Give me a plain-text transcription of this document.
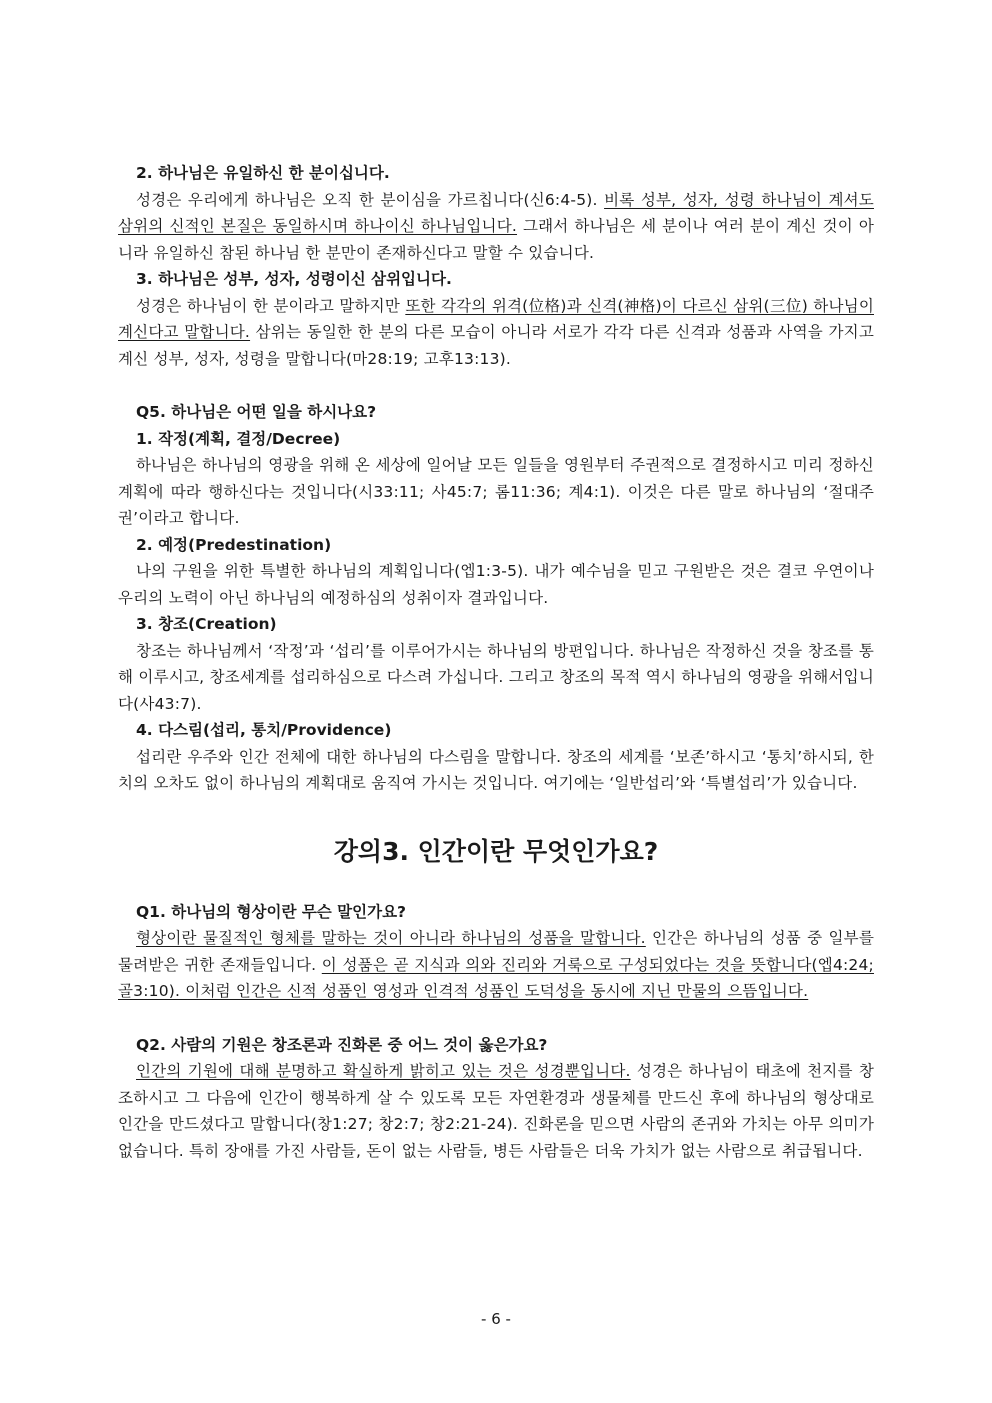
2. 하나님은 유일하신 한 분이십니다.

성경은 우리에게 하나님은 오직 한 분이심을 가르칩니다(신6:4-5). 비록 성부, 성자, 성령 하나님이 계셔도 삼위의 신적인 본질은 동일하시며 하나이신 하나님입니다. 그래서 하나님은 세 분이나 여러 분이 계신 것이 아니라 유일하신 참된 하나님 한 분만이 존재하신다고 말할 수 있습니다.

3. 하나님은 성부, 성자, 성령이신 삼위입니다.

성경은 하나님이 한 분이라고 말하지만 또한 각각의 위격(位格)과 신격(神格)이 다르신 삼위(三位) 하나님이 계신다고 말합니다. 삼위는 동일한 한 분의 다른 모습이 아니라 서로가 각각 다른 신격과 성품과 사역을 가지고 계신 성부, 성자, 성령을 말합니다(마28:19; 고후13:13).

Q5. 하나님은 어떤 일을 하시나요?

1. 작정(계획, 결정/Decree)

하나님은 하나님의 영광을 위해 온 세상에 일어날 모든 일들을 영원부터 주권적으로 결정하시고 미리 정하신 계획에 따라 행하신다는 것입니다(시33:11; 사45:7; 롬11:36; 계4:1). 이것은 다른 말로 하나님의 ‘절대주권’이라고 합니다.

2. 예정(Predestination)

나의 구원을 위한 특별한 하나님의 계획입니다(엡1:3-5). 내가 예수님을 믿고 구원받은 것은 결코 우연이나 우리의 노력이 아닌 하나님의 예정하심의 성취이자 결과입니다.

3. 창조(Creation)

창조는 하나님께서 ‘작정’과 ‘섭리’를 이루어가시는 하나님의 방편입니다. 하나님은 작정하신 것을 창조를 통해 이루시고, 창조세계를 섭리하심으로 다스려 가십니다. 그리고 창조의 목적 역시 하나님의 영광을 위해서입니다(사43:7).

4. 다스림(섭리, 통치/Providence)

섭리란 우주와 인간 전체에 대한 하나님의 다스림을 말합니다. 창조의 세계를 ‘보존’하시고 ‘통치’하시되, 한 치의 오차도 없이 하나님의 계획대로 움직여 가시는 것입니다. 여기에는 ‘일반섭리’와 ‘특별섭리’가 있습니다.

강의3. 인간이란 무엇인가요?

Q1. 하나님의 형상이란 무슨 말인가요?

형상이란 물질적인 형체를 말하는 것이 아니라 하나님의 성품을 말합니다. 인간은 하나님의 성품 중 일부를 물려받은 귀한 존재들입니다. 이 성품은 곧 지식과 의와 진리와 거룩으로 구성되었다는 것을 뜻합니다(엡4:24; 골3:10). 이처럼 인간은 신적 성품인 영성과 인격적 성품인 도덕성을 동시에 지닌 만물의 으뜸입니다.

Q2. 사람의 기원은 창조론과 진화론 중 어느 것이 옳은가요?

인간의 기원에 대해 분명하고 확실하게 밝히고 있는 것은 성경뿐입니다. 성경은 하나님이 태초에 천지를 창조하시고 그 다음에 인간이 행복하게 살 수 있도록 모든 자연환경과 생물체를 만드신 후에 하나님의 형상대로 인간을 만드셨다고 말합니다(창1:27; 창2:7; 창2:21-24). 진화론을 믿으면 사람의 존귀와 가치는 아무 의미가 없습니다. 특히 장애를 가진 사람들, 돈이 없는 사람들, 병든 사람들은 더욱 가치가 없는 사람으로 취급됩니다.

- 6 -
